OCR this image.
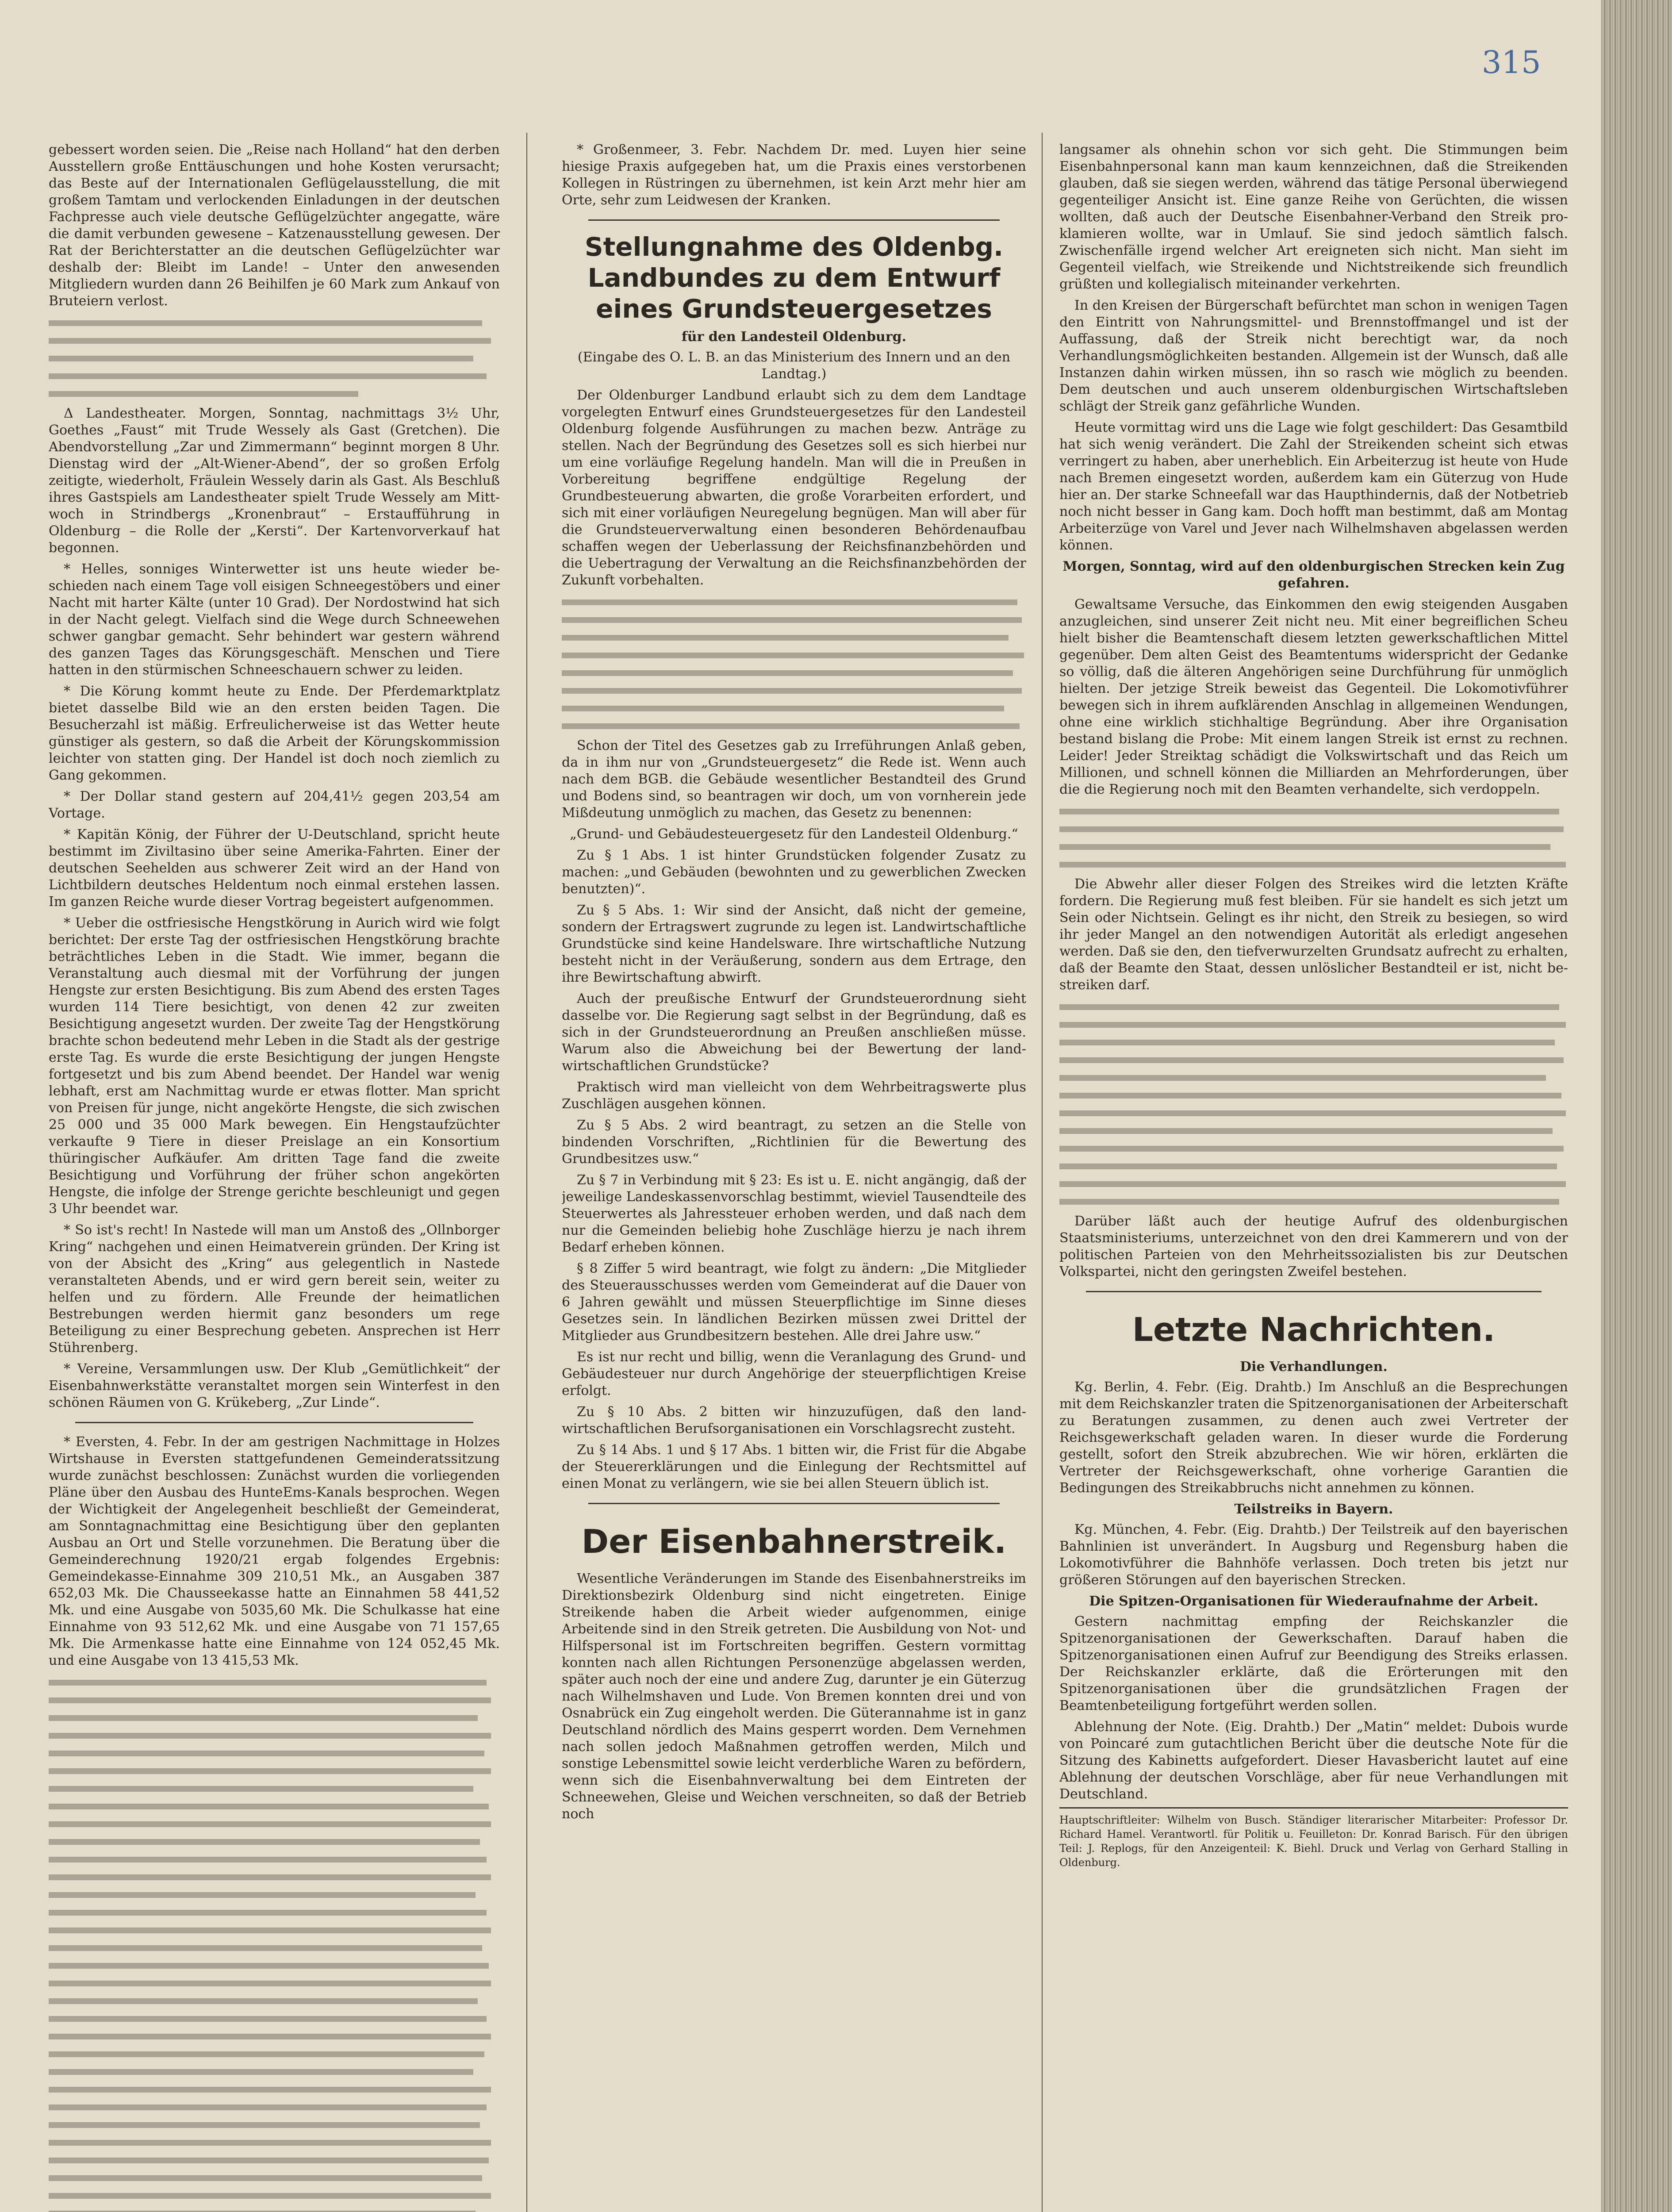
315

gebessert worden seien. Die „Reise nach Holland“ hat den derben Ausstellern große Enttäuschungen und hohe Kosten verursacht; das Beste auf der Internationalen Geflügelausstellung, die mit großem Tamtam und verlockenden Einladungen in der deutschen Fachpresse auch viele deutsche Geflügelzüchter angegatte, wäre die damit verbunden gewesene – Katzenausstellung gewesen. Der Rat der Berichterstatter an die deutschen Geflügelzüchter war deshalb der: Bleibt im Lande! – Unter den anwesenden Mitgliedern wurden dann 26 Beihilfen je 60 Mark zum Ankauf von Bruteiern verlost.

Δ Landestheater. Morgen, Sonntag, nachmittags 3½ Uhr, Goethes „Faust“ mit Trude Wessely als Gast (Gretchen). Die Abendvorstellung „Zar und Zimmermann“ beginnt morgen 8 Uhr. Dienstag wird der „Alt-Wiener-Abend“, der so großen Erfolg zeitigte, wiederholt, Fräulein Wessely darin als Gast. Als Beschluß ihres Gastspiels am Landestheater spielt Trude Wessely am Mittwoch in Strindbergs „Kronenbraut“ – Erstaufführung in Oldenburg – die Rolle der „Kersti“. Der Kartenvorverkauf hat begonnen.

* Helles, sonniges Winterwetter ist uns heute wieder beschieden nach einem Tage voll eisigen Schneegestöbers und einer Nacht mit harter Kälte (unter 10 Grad). Der Nordostwind hat sich in der Nacht gelegt. Vielfach sind die Wege durch Schneewehen schwer gangbar gemacht. Sehr behindert war gestern während des ganzen Tages das Körungsgeschäft. Menschen und Tiere hatten in den stürmischen Schneeschauern schwer zu leiden.

* Die Körung kommt heute zu Ende. Der Pferdemarktplatz bietet dasselbe Bild wie an den ersten beiden Tagen. Die Besucherzahl ist mäßig. Erfreulicherweise ist das Wetter heute günstiger als gestern, so daß die Arbeit der Körungskommission leichter von statten ging. Der Handel ist doch noch ziemlich zu Gang gekommen.

* Der Dollar stand gestern auf 204,41½ gegen 203,54 am Vortage.

* Kapitän König, der Führer der U-Deutschland, spricht heute bestimmt im Ziviltasino über seine Amerika-Fahrten. Einer der deutschen Seehelden aus schwerer Zeit wird an der Hand von Lichtbildern deutsches Heldentum noch einmal erstehen lassen. Im ganzen Reiche wurde dieser Vortrag begeistert aufgenommen.

* Ueber die ostfriesische Hengstkörung in Aurich wird wie folgt berichtet: Der erste Tag der ostfriesischen Hengstkörung brachte beträchtliches Leben in die Stadt. Wie immer, begann die Veranstaltung auch diesmal mit der Vorführung der jungen Hengste zur ersten Besichtigung. Bis zum Abend des ersten Tages wurden 114 Tiere besichtigt, von denen 42 zur zweiten Besichtigung angesetzt wurden. Der zweite Tag der Hengstkörung brachte schon bedeutend mehr Leben in die Stadt als der gestrige erste Tag. Es wurde die erste Besichtigung der jungen Hengste fortgesetzt und bis zum Abend beendet. Der Handel war wenig lebhaft, erst am Nachmittag wurde er etwas flotter. Man spricht von Preisen für junge, nicht angekörte Hengste, die sich zwischen 25 000 und 35 000 Mark bewegen. Ein Hengstaufzüchter verkaufte 9 Tiere in dieser Preislage an ein Konsortium thüringischer Aufkäufer. Am dritten Tage fand die zweite Besichtigung und Vorführung der früher schon angekörten Hengste, die infolge der Strenge gerichte beschleunigt und gegen 3 Uhr beendet war.

* So ist's recht! In Nastede will man um Anstoß des „Ollnborger Kring“ nachgehen und einen Heimatverein gründen. Der Kring ist von der Absicht des „Kring“ aus gelegentlich in Nastede veranstalteten Abends, und er wird gern bereit sein, weiter zu helfen und zu fördern. Alle Freunde der heimatlichen Bestrebungen werden hiermit ganz besonders um rege Beteiligung zu einer Besprechung gebeten. Ansprechen ist Herr Stührenberg.

* Vereine, Versammlungen usw. Der Klub „Gemütlichkeit“ der Eisenbahnwerkstätte veranstaltet morgen sein Winterfest in den schönen Räumen von G. Krükeberg, „Zur Linde“.

* Eversten, 4. Febr. In der am gestrigen Nachmittage in Holzes Wirtshause in Eversten stattgefundenen Gemeinderatssitzung wurde zunächst beschlossen: Zunächst wurden die vorliegenden Pläne über den Ausbau des HunteEms-Kanals besprochen. Wegen der Wichtigkeit der Angelegenheit beschließt der Gemeinderat, am Sonntagnachmittag eine Besichtigung über den geplanten Ausbau an Ort und Stelle vorzunehmen. Die Beratung über die Gemeinderechnung 1920/21 ergab folgendes Ergebnis: Gemeindekasse-Einnahme 309 210,51 Mk., an Ausgaben 387 652,03 Mk. Die Chausseekasse hatte an Einnahmen 58 441,52 Mk. und eine Ausgabe von 5035,60 Mk. Die Schulkasse hat eine Einnahme von 93 512,62 Mk. und eine Ausgabe von 71 157,65 Mk. Die Armenkasse hatte eine Einnahme von 124 052,45 Mk. und eine Ausgabe von 13 415,53 Mk.

* Großenmeer, 3. Febr. Nachdem Dr. med. Luyen hier seine hiesige Praxis aufgegeben hat, um die Praxis eines verstorbenen Kollegen in Rüstringen zu übernehmen, ist kein Arzt mehr hier am Orte, sehr zum Leidwesen der Kranken.

Stellungnahme des Oldenbg. Landbundes zu dem Entwurf eines Grundsteuergesetzes

für den Landesteil Oldenburg.

(Eingabe des O. L. B. an das Ministerium des Innern und an den Landtag.)

Der Oldenburger Landbund erlaubt sich zu dem dem Landtage vorgelegten Entwurf eines Grundsteuergesetzes für den Landesteil Oldenburg folgende Ausführungen zu machen bezw. Anträge zu stellen. Nach der Begründung des Gesetzes soll es sich hierbei nur um eine vorläufige Regelung handeln. Man will die in Preußen in Vorbereitung begriffene endgültige Regelung der Grundbesteuerung abwarten, die große Vorarbeiten erfordert, und sich mit einer vorläufigen Neuregelung begnügen. Man will aber für die Grundsteuerverwaltung einen besonderen Behördenaufbau schaffen wegen der Ueberlassung der Reichsfinanzbehörden und die Uebertragung der Verwaltung an die Reichsfinanzbehörden der Zukunft vorbehalten.

Schon der Titel des Gesetzes gab zu Irreführungen Anlaß geben, da in ihm nur von „Grundsteuergesetz“ die Rede ist. Wenn auch nach dem BGB. die Gebäude wesentlicher Bestandteil des Grund und Bodens sind, so beantragen wir doch, um von vornherein jede Mißdeutung unmöglich zu machen, das Gesetz zu benennen:

„Grund- und Gebäudesteuergesetz für den Landesteil Oldenburg.“

Zu § 1 Abs. 1 ist hinter Grundstücken folgender Zusatz zu machen: „und Gebäuden (bewohnten und zu gewerblichen Zwecken benutzten)“.

Zu § 5 Abs. 1: Wir sind der Ansicht, daß nicht der gemeine, sondern der Ertragswert zugrunde zu legen ist. Landwirtschaftliche Grundstücke sind keine Handelsware. Ihre wirtschaftliche Nutzung besteht nicht in der Veräußerung, sondern aus dem Ertrage, den ihre Bewirtschaftung abwirft.

Auch der preußische Entwurf der Grundsteuerordnung sieht dasselbe vor. Die Regierung sagt selbst in der Begründung, daß es sich in der Grundsteuerordnung an Preußen anschließen müsse. Warum also die Abweichung bei der Bewertung der landwirtschaftlichen Grundstücke?

Praktisch wird man vielleicht von dem Wehrbeitragswerte plus Zuschlägen ausgehen können.

Zu § 5 Abs. 2 wird beantragt, zu setzen an die Stelle von bindenden Vorschriften, „Richtlinien für die Bewertung des Grundbesitzes usw.“

Zu § 7 in Verbindung mit § 23: Es ist u. E. nicht angängig, daß der jeweilige Landeskassenvorschlag bestimmt, wieviel Tausendteile des Steuerwertes als Jahressteuer erhoben werden, und daß nach dem nur die Gemeinden beliebig hohe Zuschläge hierzu je nach ihrem Bedarf erheben können.

§ 8 Ziffer 5 wird beantragt, wie folgt zu ändern: „Die Mitglieder des Steuerausschusses werden vom Gemeinderat auf die Dauer von 6 Jahren gewählt und müssen Steuerpflichtige im Sinne dieses Gesetzes sein. In ländlichen Bezirken müssen zwei Drittel der Mitglieder aus Grundbesitzern bestehen. Alle drei Jahre usw.“

Es ist nur recht und billig, wenn die Veranlagung des Grund- und Gebäudesteuer nur durch Angehörige der steuerpflichtigen Kreise erfolgt.

Zu § 10 Abs. 2 bitten wir hinzuzufügen, daß den landwirtschaftlichen Berufsorganisationen ein Vorschlagsrecht zusteht.

Zu § 14 Abs. 1 und § 17 Abs. 1 bitten wir, die Frist für die Abgabe der Steuererklärungen und die Einlegung der Rechtsmittel auf einen Monat zu verlängern, wie sie bei allen Steuern üblich ist.

Der Eisenbahnerstreik.

Wesentliche Veränderungen im Stande des Eisenbahnerstreiks im Direktionsbezirk Oldenburg sind nicht eingetreten. Einige Streikende haben die Arbeit wieder aufgenommen, einige Arbeitende sind in den Streik getreten. Die Ausbildung von Not- und Hilfspersonal ist im Fortschreiten begriffen. Gestern vormittag konnten nach allen Richtungen Personenzüge abgelassen werden, später auch noch der eine und andere Zug, darunter je ein Güterzug nach Wilhelmshaven und Lude. Von Bremen konnten drei und von Osnabrück ein Zug eingeholt werden. Die Güterannahme ist in ganz Deutschland nördlich des Mains gesperrt worden. Dem Vernehmen nach sollen jedoch Maßnahmen getroffen werden, Milch und sonstige Lebensmittel sowie leicht verderbliche Waren zu befördern, wenn sich die Eisenbahnverwaltung bei dem Eintreten der Schneewehen, Gleise und Weichen verschneiten, so daß der Betrieb noch

langsamer als ohnehin schon vor sich geht. Die Stimmungen beim Eisenbahnpersonal kann man kaum kennzeichnen, daß die Streikenden glauben, daß sie siegen werden, während das tätige Personal überwiegend gegenteiliger Ansicht ist. Eine ganze Reihe von Gerüchten, die wissen wollten, daß auch der Deutsche Eisenbahner-Verband den Streik proklamieren wollte, war in Umlauf. Sie sind jedoch sämtlich falsch. Zwischenfälle irgend welcher Art ereigneten sich nicht. Man sieht im Gegenteil vielfach, wie Streikende und Nichtstreikende sich freundlich grüßten und kollegialisch miteinander verkehrten.

In den Kreisen der Bürgerschaft befürchtet man schon in wenigen Tagen den Eintritt von Nahrungsmittel- und Brennstoffmangel und ist der Auffassung, daß der Streik nicht berechtigt war, da noch Verhandlungsmöglichkeiten bestanden. Allgemein ist der Wunsch, daß alle Instanzen dahin wirken müssen, ihn so rasch wie möglich zu beenden. Dem deutschen und auch unserem oldenburgischen Wirtschaftsleben schlägt der Streik ganz gefährliche Wunden.

Heute vormittag wird uns die Lage wie folgt geschildert: Das Gesamtbild hat sich wenig verändert. Die Zahl der Streikenden scheint sich etwas verringert zu haben, aber unerheblich. Ein Arbeiterzug ist heute von Hude nach Bremen eingesetzt worden, außerdem kam ein Güterzug von Hude hier an. Der starke Schneefall war das Haupthindernis, daß der Notbetrieb noch nicht besser in Gang kam. Doch hofft man bestimmt, daß am Montag Arbeiterzüge von Varel und Jever nach Wilhelmshaven abgelassen werden können.

Morgen, Sonntag, wird auf den oldenburgischen Strecken kein Zug gefahren.

Gewaltsame Versuche, das Einkommen den ewig steigenden Ausgaben anzugleichen, sind unserer Zeit nicht neu. Mit einer begreiflichen Scheu hielt bisher die Beamtenschaft diesem letzten gewerkschaftlichen Mittel gegenüber. Dem alten Geist des Beamtentums widerspricht der Gedanke so völlig, daß die älteren Angehörigen seine Durchführung für unmöglich hielten. Der jetzige Streik beweist das Gegenteil. Die Lokomotivführer bewegen sich in ihrem aufklärenden Anschlag in allgemeinen Wendungen, ohne eine wirklich stichhaltige Begründung. Aber ihre Organisation bestand bislang die Probe: Mit einem langen Streik ist ernst zu rechnen. Leider! Jeder Streiktag schädigt die Volkswirtschaft und das Reich um Millionen, und schnell können die Milliarden an Mehrforderungen, über die die Regierung noch mit den Beamten verhandelte, sich verdoppeln.

Die Abwehr aller dieser Folgen des Streikes wird die letzten Kräfte fordern. Die Regierung muß fest bleiben. Für sie handelt es sich jetzt um Sein oder Nichtsein. Gelingt es ihr nicht, den Streik zu besiegen, so wird ihr jeder Mangel an den notwendigen Autorität als erledigt angesehen werden. Daß sie den, den tiefverwurzelten Grundsatz aufrecht zu erhalten, daß der Beamte den Staat, dessen unlöslicher Bestandteil er ist, nicht bestreiken darf.

Darüber läßt auch der heutige Aufruf des oldenburgischen Staatsministeriums, unterzeichnet von den drei Kammerern und von der politischen Parteien von den Mehrheitssozialisten bis zur Deutschen Volkspartei, nicht den geringsten Zweifel bestehen.

Letzte Nachrichten.

Die Verhandlungen.

Kg. Berlin, 4. Febr. (Eig. Drahtb.) Im Anschluß an die Besprechungen mit dem Reichskanzler traten die Spitzenorganisationen der Arbeiterschaft zu Beratungen zusammen, zu denen auch zwei Vertreter der Reichsgewerkschaft geladen waren. In dieser wurde die Forderung gestellt, sofort den Streik abzubrechen. Wie wir hören, erklärten die Vertreter der Reichsgewerkschaft, ohne vorherige Garantien die Bedingungen des Streikabbruchs nicht annehmen zu können.

Teilstreiks in Bayern.

Kg. München, 4. Febr. (Eig. Drahtb.) Der Teilstreik auf den bayerischen Bahnlinien ist unverändert. In Augsburg und Regensburg haben die Lokomotivführer die Bahnhöfe verlassen. Doch treten bis jetzt nur größeren Störungen auf den bayerischen Strecken.

Die Spitzen-Organisationen für Wiederaufnahme der Arbeit.

Gestern nachmittag empfing der Reichskanzler die Spitzenorganisationen der Gewerkschaften. Darauf haben die Spitzenorganisationen einen Aufruf zur Beendigung des Streiks erlassen. Der Reichskanzler erklärte, daß die Erörterungen mit den Spitzenorganisationen über die grundsätzlichen Fragen der Beamtenbeteiligung fortgeführt werden sollen.

Ablehnung der Note. (Eig. Drahtb.) Der „Matin“ meldet: Dubois wurde von Poincaré zum gutachtlichen Bericht über die deutsche Note für die Sitzung des Kabinetts aufgefordert. Dieser Havasbericht lautet auf eine Ablehnung der deutschen Vorschläge, aber für neue Verhandlungen mit Deutschland.

Hauptschriftleiter: Wilhelm von Busch. Ständiger literarischer Mitarbeiter: Professor Dr. Richard Hamel. Verantwortl. für Politik u. Feuilleton: Dr. Konrad Barisch. Für den übrigen Teil: J. Replogs, für den Anzeigenteil: K. Biehl. Druck und Verlag von Gerhard Stalling in Oldenburg.
